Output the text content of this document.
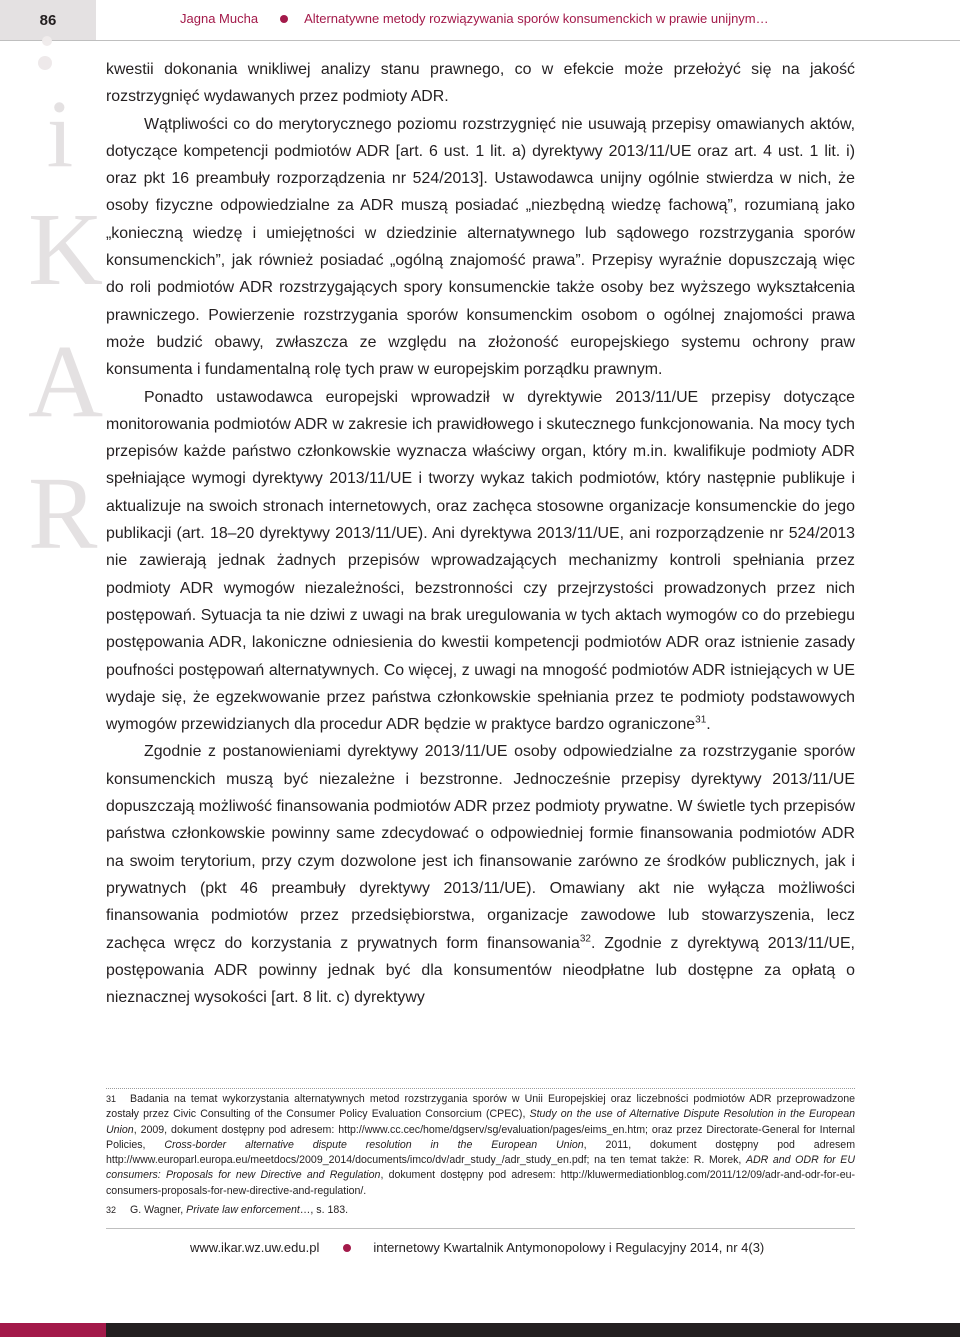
86	Jagna Mucha	Alternatywne metody rozwiązywania sporów konsumenckich w prawie unijnym…
i
K
A
R

kwestii dokonania wnikliwej analizy stanu prawnego, co w efekcie może przełożyć się na jakość rozstrzygnięć wydawanych przez podmioty ADR.

Wątpliwości co do merytorycznego poziomu rozstrzygnięć nie usuwają przepisy omawianych aktów, dotyczące kompetencji podmiotów ADR [art. 6 ust. 1 lit. a) dyrektywy 2013/11/UE oraz art. 4 ust. 1 lit. i) oraz pkt 16 preambuły rozporządzenia nr 524/2013]. Ustawodawca unijny ogólnie stwierdza w nich, że osoby fizyczne odpowiedzialne za ADR muszą posiadać „niezbędną wiedzę fachową”, rozumianą jako „konieczną wiedzę i umiejętności w dziedzinie alternatywnego lub sądowego rozstrzygania sporów konsumenckich”, jak również posiadać „ogólną znajomość prawa”. Przepisy wyraźnie dopuszczają więc do roli podmiotów ADR rozstrzygających spory konsumenckie także osoby bez wyższego wykształcenia prawniczego. Powierzenie rozstrzygania sporów konsumenckim osobom o ogólnej znajomości prawa może budzić obawy, zwłaszcza ze względu na złożoność europejskiego systemu ochrony praw konsumenta i fundamentalną rolę tych praw w europejskim porządku prawnym.

Ponadto ustawodawca europejski wprowadził w dyrektywie 2013/11/UE przepisy dotyczące monitorowania podmiotów ADR w zakresie ich prawidłowego i skutecznego funkcjonowania. Na mocy tych przepisów każde państwo członkowskie wyznacza właściwy organ, który m.in. kwalifikuje podmioty ADR spełniające wymogi dyrektywy 2013/11/UE i tworzy wykaz takich podmiotów, który następnie publikuje i aktualizuje na swoich stronach internetowych, oraz zachęca stosowne organizacje konsumenckie do jego publikacji (art. 18–20 dyrektywy 2013/11/UE). Ani dyrektywa 2013/11/UE, ani rozporządzenie nr 524/2013 nie zawierają jednak żadnych przepisów wprowadzających mechanizmy kontroli spełniania przez podmioty ADR wymogów niezależności, bezstronności czy przejrzystości prowadzonych przez nich postępowań. Sytuacja ta nie dziwi z uwagi na brak uregulowania w tych aktach wymogów co do przebiegu postępowania ADR, lakoniczne odniesienia do kwestii kompetencji podmiotów ADR oraz istnienie zasady poufności postępowań alternatywnych. Co więcej, z uwagi na mnogość podmiotów ADR istniejących w UE wydaje się, że egzekwowanie przez państwa członkowskie spełniania przez te podmioty podstawowych wymogów przewidzianych dla procedur ADR będzie w praktyce bardzo ograniczone$^{31}$.

Zgodnie z postanowieniami dyrektywy 2013/11/UE osoby odpowiedzialne za rozstrzyganie sporów konsumenckich muszą być niezależne i bezstronne. Jednocześnie przepisy dyrektywy 2013/11/UE dopuszczają możliwość finansowania podmiotów ADR przez podmioty prywatne. W świetle tych przepisów państwa członkowskie powinny same zdecydować o odpowiedniej formie finansowania podmiotów ADR na swoim terytorium, przy czym dozwolone jest ich finansowanie zarówno ze środków publicznych, jak i prywatnych (pkt 46 preambuły dyrektywy 2013/11/UE). Omawiany akt nie wyłącza możliwości finansowania podmiotów przez przedsiębiorstwa, organizacje zawodowe lub stowarzyszenia, lecz zachęca wręcz do korzystania z prywatnych form finansowania$^{32}$. Zgodnie z dyrektywą 2013/11/UE, postępowania ADR powinny jednak być dla konsumentów nieodpłatne lub dostępne za opłatą o nieznacznej wysokości [art. 8 lit. c) dyrektywy

$^{31}$ Badania na temat wykorzystania alternatywnych metod rozstrzygania sporów w Unii Europejskiej oraz liczebności podmiotów ADR przeprowadzone zostały przez Civic Consulting of the Consumer Policy Evaluation Consorcium (CPEC), Study on the use of Alternative Dispute Resolution in the European Union, 2009, dokument dostępny pod adresem: http://www.cc.cec/home/dgserv/sg/evaluation/pages/eims_en.htm; oraz przez Directorate-General for Internal Policies, Cross-border alternative dispute resolution in the European Union, 2011, dokument dostępny pod adresem http://www.europarl.europa.eu/meetdocs/2009_2014/documents/imco/dv/adr_study_/adr_study_en.pdf; na ten temat także: R. Morek, ADR and ODR for EU consumers: Proposals for new Directive and Regulation, dokument dostępny pod adresem: http://kluwermediationblog.com/2011/12/09/adr-and-odr-for-eu-consumers-proposals-for-new-directive-and-regulation/.

$^{32}$ G. Wagner, Private law enforcement…, s. 183.

www.ikar.wz.uw.edu.pl	internetowy Kwartalnik Antymonopolowy i Regulacyjny 2014, nr 4(3)
